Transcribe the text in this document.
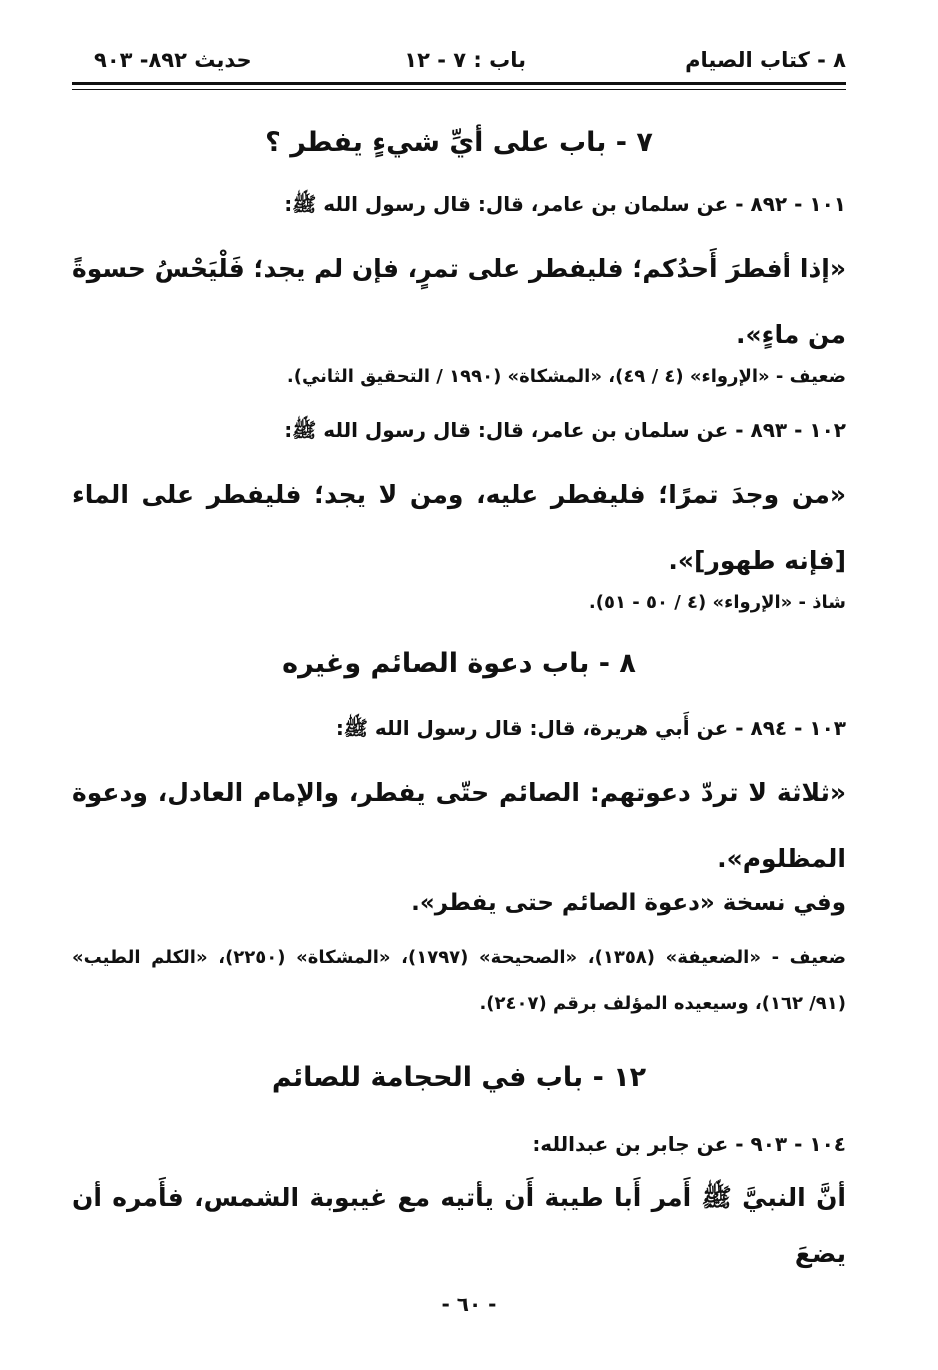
٨ - كتاب الصيام
باب : ٧ - ١٢
حديث ٨٩٢- ٩٠٣
٧ - باب على أيِّ شيءٍ يفطر ؟
١٠١ - ٨٩٢ - عن سلمان بن عامر، قال: قال رسول الله ﷺ:
«إذا أفطرَ أَحدُكم؛ فليفطر على تمرٍ، فإن لم يجد؛ فَلْيَحْسُ حسوةً من ماءٍ».
ضعيف - «الإرواء» (٤ / ٤٩)، «المشكاة» (١٩٩٠ / التحقيق الثاني).
١٠٢ - ٨٩٣ - عن سلمان بن عامر، قال: قال رسول الله ﷺ:
«من وجدَ تمرًا؛ فليفطر عليه، ومن لا يجد؛ فليفطر على الماء [فإنه طهور]».
شاذ - «الإرواء» (٤ / ٥٠ - ٥١).
٨ - باب دعوة الصائم وغيره
١٠٣ - ٨٩٤ - عن أَبي هريرة، قال: قال رسول الله ﷺ:
«ثلاثة لا تردّ دعوتهم: الصائم حتّى يفطر، والإمام العادل، ودعوة المظلوم».
وفي نسخة «دعوة الصائم حتى يفطر».
ضعيف - «الضعيفة» (١٣٥٨)، «الصحيحة» (١٧٩٧)، «المشكاة» (٢٢٥٠)، «الكلم الطيب» (٩١/ ١٦٢)، وسيعيده المؤلف برقم (٢٤٠٧).
١٢ - باب في الحجامة للصائم
١٠٤ - ٩٠٣ - عن جابر بن عبدالله:
أنَّ النبيَّ ﷺ أَمر أَبا طيبة أَن يأتيه مع غيبوبة الشمس، فأَمره أن يضعَ
- ٦٠ -
